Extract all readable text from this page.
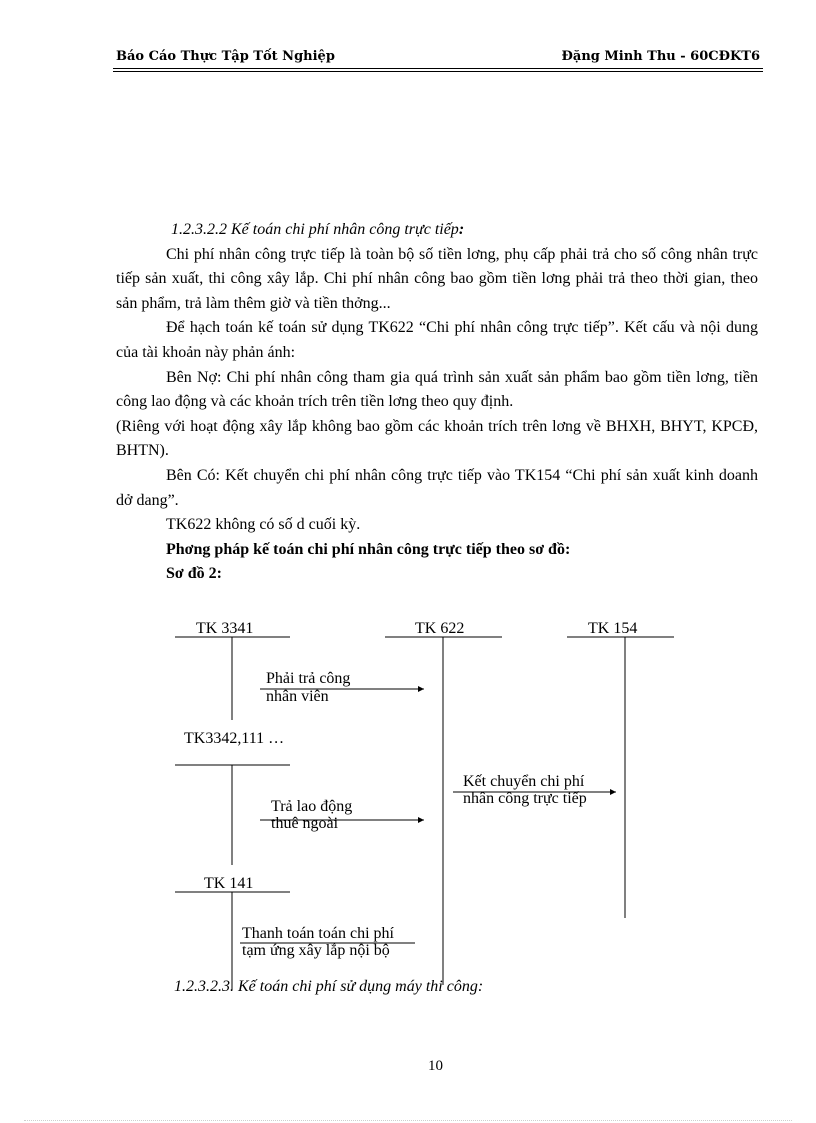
Báo Cáo Thực Tập Tốt Nghiệp	Đặng Minh Thu - 60CĐKT6

1.2.3.2.2 Kế toán chi phí nhân công trực tiếp:

Chi phí nhân công trực tiếp là toàn bộ số tiền lơng, phụ cấp phải trả cho số công nhân trực tiếp sản xuất, thi công xây lắp. Chi phí nhân công bao gồm tiền lơng phải trả theo thời gian, theo sản phẩm, trả làm thêm giờ và tiền thởng...

Để hạch toán kế toán sử dụng TK622 “Chi phí nhân công trực tiếp”. Kết cấu và nội dung của tài khoản này phản ánh:

Bên Nợ: Chi phí nhân công tham gia quá trình sản xuất sản phẩm bao gồm tiền lơng, tiền công lao động và các khoản trích trên tiền lơng theo quy định.

(Riêng với hoạt động xây lắp không bao gồm các khoản trích trên lơng về BHXH, BHYT, KPCĐ, BHTN).

Bên Có: Kết chuyển chi phí nhân công trực tiếp vào TK154 “Chi phí sản xuất kinh doanh dở dang”.

TK622 không có số d cuối kỳ.

Phơng pháp kế toán chi phí nhân công trực tiếp theo sơ đồ:

Sơ đồ 2:

TK 3341	TK 622	TK 154
Phải trả công
nhân viên
TK3342,111 …
Kết chuyển chi phí
nhân công trực tiếp
Trả lao động
thuê ngoài
TK 141
Thanh toán toán chi phí
tạm ứng xây lắp nội bộ
1.2.3.2.3. Kế toán chi phí sử dụng máy thi công:
10
